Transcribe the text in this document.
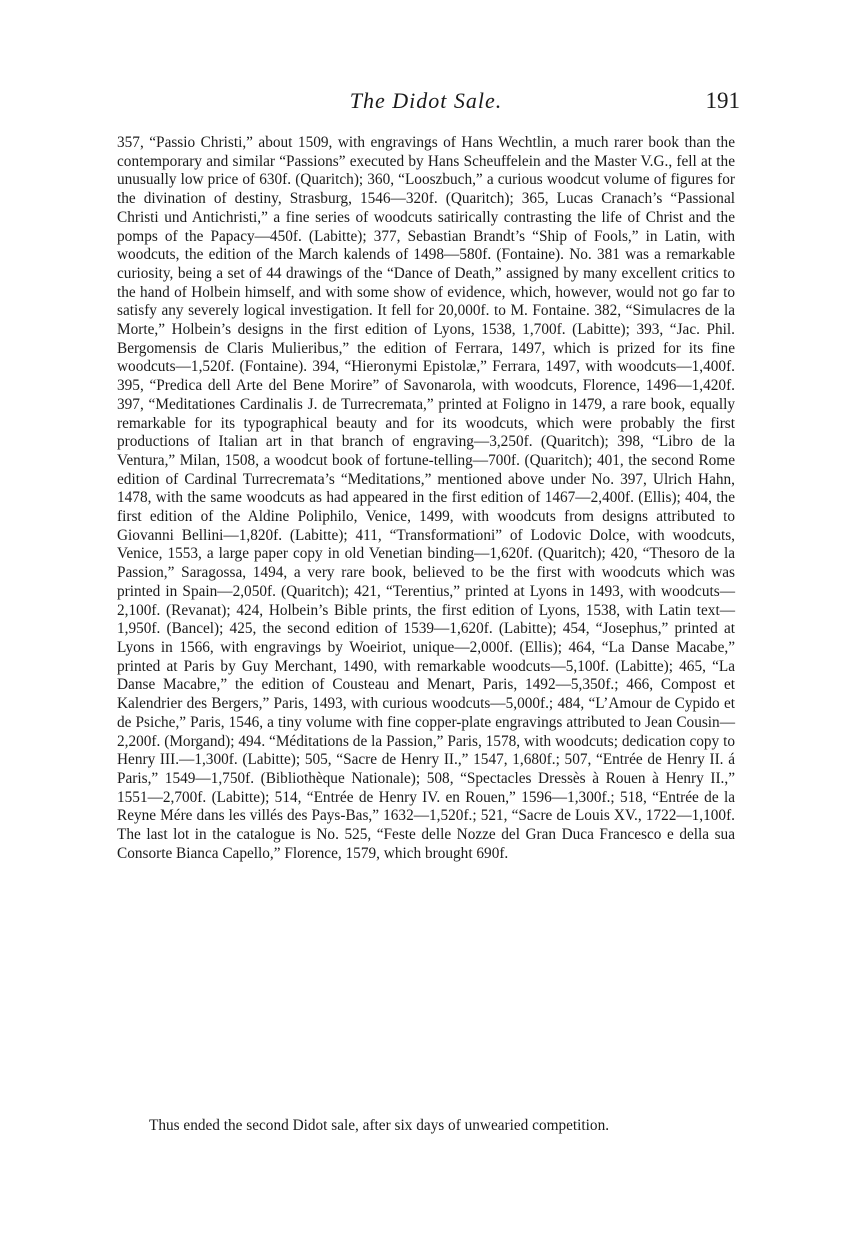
The Didot Sale.	191

357, “Passio Christi,” about 1509, with engravings of Hans Wechtlin, a much rarer book than the contemporary and similar “Passions” executed by Hans Scheuffelein and the Master V.G., fell at the unusually low price of 630f. (Quaritch); 360, “Looszbuch,” a curious woodcut volume of figures for the divination of destiny, Strasburg, 1546—320f. (Quaritch); 365, Lucas Cranach’s “Passional Christi und Antichristi,” a fine series of woodcuts satirically contrasting the life of Christ and the pomps of the Papacy—450f. (Labitte); 377, Sebastian Brandt’s “Ship of Fools,” in Latin, with woodcuts, the edition of the March kalends of 1498—580f. (Fontaine). No. 381 was a remarkable curiosity, being a set of 44 drawings of the “Dance of Death,” assigned by many excellent critics to the hand of Holbein himself, and with some show of evidence, which, however, would not go far to satisfy any severely logical investigation. It fell for 20,000f. to M. Fontaine. 382, “Simulacres de la Morte,” Holbein’s designs in the first edition of Lyons, 1538, 1,700f. (Labitte); 393, “Jac. Phil. Bergomensis de Claris Mulieribus,” the edition of Ferrara, 1497, which is prized for its fine woodcuts—1,520f. (Fontaine). 394, “Hieronymi Epistolæ,” Ferrara, 1497, with woodcuts—1,400f. 395, “Predica dell Arte del Bene Morire” of Savonarola, with woodcuts, Florence, 1496—1,420f. 397, “Meditationes Cardinalis J. de Turrecremata,” printed at Foligno in 1479, a rare book, equally remarkable for its typographical beauty and for its woodcuts, which were probably the first productions of Italian art in that branch of engraving—3,250f. (Quaritch); 398, “Libro de la Ventura,” Milan, 1508, a woodcut book of fortune-telling—700f. (Quaritch); 401, the second Rome edition of Cardinal Turrecremata’s “Meditations,” mentioned above under No. 397, Ulrich Hahn, 1478, with the same woodcuts as had appeared in the first edition of 1467—2,400f. (Ellis); 404, the first edition of the Aldine Poliphilo, Venice, 1499, with woodcuts from designs attributed to Giovanni Bellini—1,820f. (Labitte); 411, “Transformationi” of Lodovic Dolce, with woodcuts, Venice, 1553, a large paper copy in old Venetian binding—1,620f. (Quaritch); 420, “Thesoro de la Passion,” Saragossa, 1494, a very rare book, believed to be the first with woodcuts which was printed in Spain—2,050f. (Quaritch); 421, “Terentius,” printed at Lyons in 1493, with woodcuts—2,100f. (Revanat); 424, Holbein’s Bible prints, the first edition of Lyons, 1538, with Latin text—1,950f. (Bancel); 425, the second edition of 1539—1,620f. (Labitte); 454, “Josephus,” printed at Lyons in 1566, with engravings by Woeiriot, unique—2,000f. (Ellis); 464, “La Danse Macabe,” printed at Paris by Guy Merchant, 1490, with remarkable woodcuts—5,100f. (Labitte); 465, “La Danse Macabre,” the edition of Cousteau and Menart, Paris, 1492—5,350f.; 466, Compost et Kalendrier des Bergers,” Paris, 1493, with curious woodcuts—5,000f.; 484, “L’Amour de Cypido et de Psiche,” Paris, 1546, a tiny volume with fine copper-plate engravings attributed to Jean Cousin—2,200f. (Morgand); 494. “Méditations de la Passion,” Paris, 1578, with woodcuts; dedication copy to Henry III.—1,300f. (Labitte); 505, “Sacre de Henry II.,” 1547, 1,680f.; 507, “Entrée de Henry II. á Paris,” 1549—1,750f. (Bibliothèque Nationale); 508, “Spectacles Dressès à Rouen à Henry II.,” 1551—2,700f. (Labitte); 514, “Entrée de Henry IV. en Rouen,” 1596—1,300f.; 518, “Entrée de la Reyne Mére dans les villés des Pays-Bas,” 1632—1,520f.; 521, “Sacre de Louis XV., 1722—1,100f. The last lot in the catalogue is No. 525, “Feste delle Nozze del Gran Duca Francesco e della sua Consorte Bianca Capello,” Florence, 1579, which brought 690f.

Thus ended the second Didot sale, after six days of unwearied competition.
